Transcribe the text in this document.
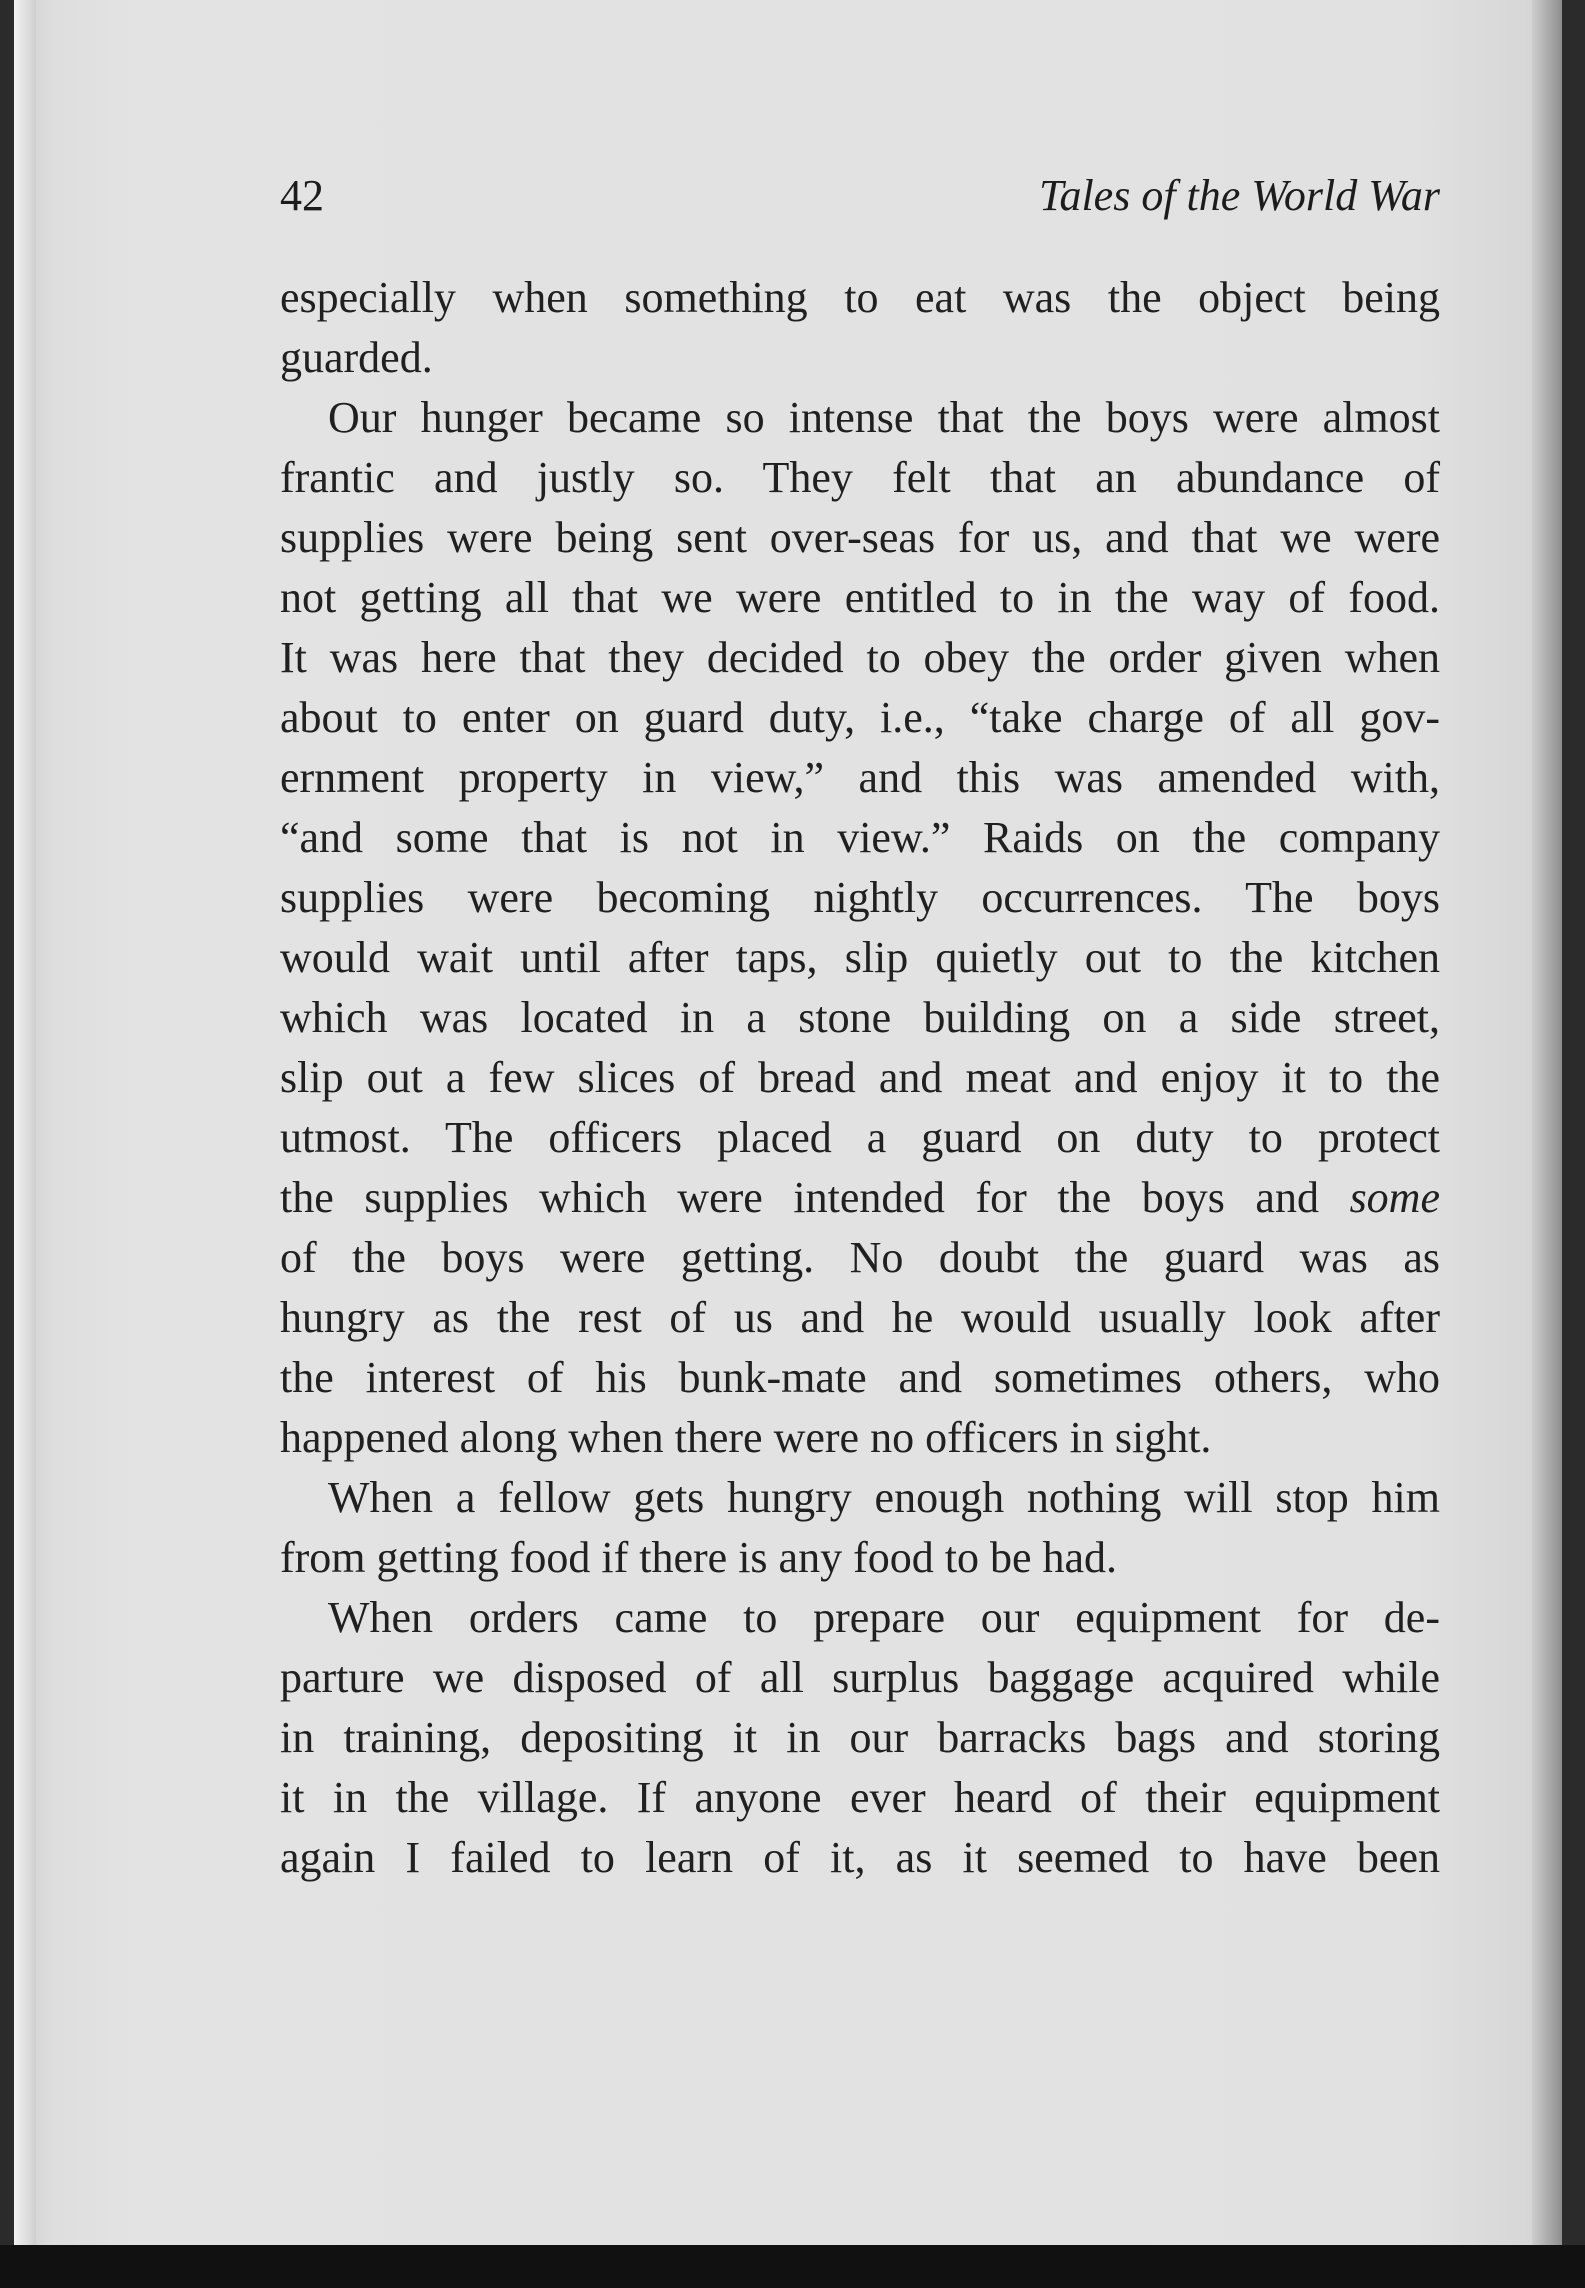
42	Tales of the World War

especially when something to eat was the object being
guarded.

Our hunger became so intense that the boys were almost
frantic and justly so. They felt that an abundance of
supplies were being sent over-seas for us, and that we were
not getting all that we were entitled to in the way of food.
It was here that they decided to obey the order given when
about to enter on guard duty, i.e., “take charge of all gov-
ernment property in view,” and this was amended with,
“and some that is not in view.” Raids on the company
supplies were becoming nightly occurrences. The boys
would wait until after taps, slip quietly out to the kitchen
which was located in a stone building on a side street,
slip out a few slices of bread and meat and enjoy it to the
utmost. The officers placed a guard on duty to protect
the supplies which were intended for the boys and some
of the boys were getting. No doubt the guard was as
hungry as the rest of us and he would usually look after
the interest of his bunk-mate and sometimes others, who
happened along when there were no officers in sight.

When a fellow gets hungry enough nothing will stop him
from getting food if there is any food to be had.

When orders came to prepare our equipment for de-
parture we disposed of all surplus baggage acquired while
in training, depositing it in our barracks bags and storing
it in the village. If anyone ever heard of their equipment
again I failed to learn of it, as it seemed to have been
